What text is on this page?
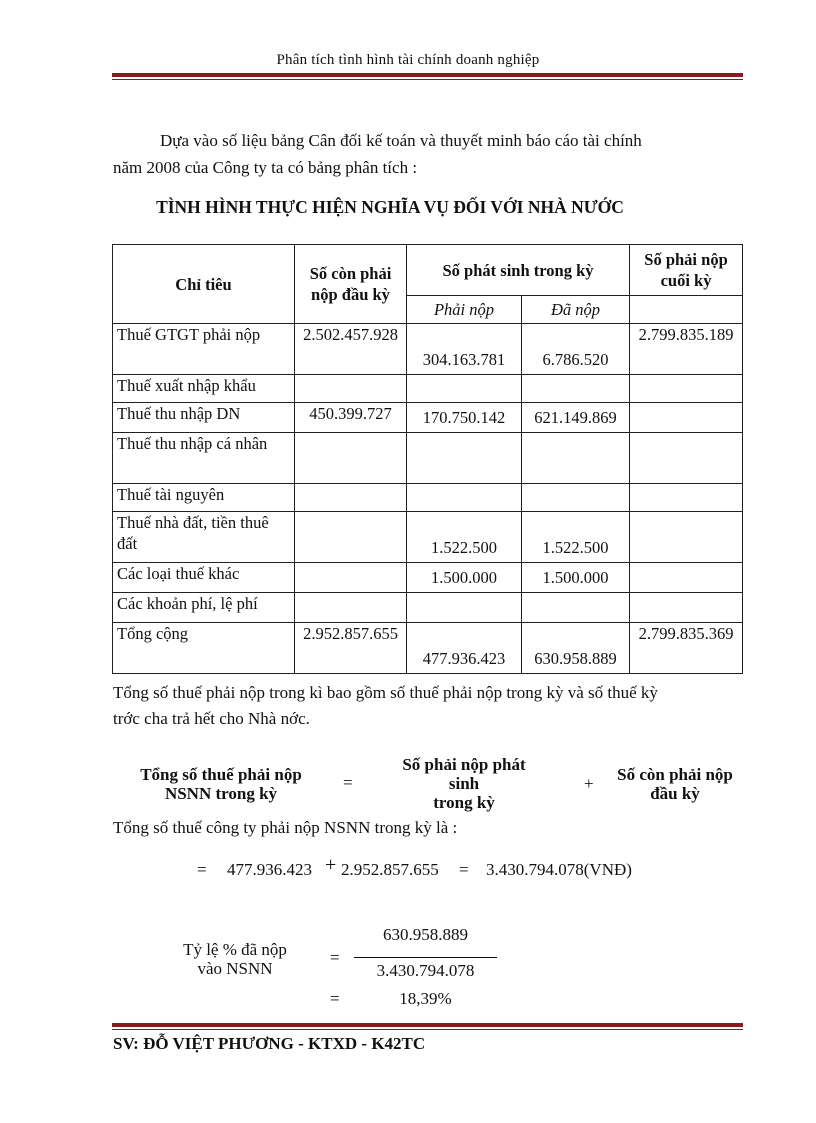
Phân tích tình hình tài chính doanh nghiệp
Dựa vào số liệu bảng Cân đối kế toán và thuyết minh báo cáo tài chính
năm 2008 của Công ty ta có bảng phân tích :
TÌNH HÌNH THỰC HIỆN NGHĨA VỤ ĐỐI VỚI NHÀ NƯỚC
Chỉ tiêu	Số còn phải nộp đầu kỳ	Số phát sinh trong kỳ		Số phải nộp cuối kỳ
		Phải nộp	Đã nộp	
Thuế GTGT phải nộp	2.502.457.928	304.163.781	6.786.520	2.799.835.189
Thuế xuất nhập khẩu				
Thuế thu nhập DN	450.399.727	170.750.142	621.149.869	
Thuế thu nhập cá nhân				
Thuế tài nguyên				
Thuế nhà đất, tiền thuê đất		1.522.500	1.522.500	
Các loại thuế khác		1.500.000	1.500.000	
Các khoản phí, lệ phí				
Tổng cộng	2.952.857.655	477.936.423	630.958.889	2.799.835.369
Tổng số thuế phải nộp trong kì bao gồm số thuế phải nộp trong kỳ và số thuế kỳ
trớc cha trả hết cho Nhà nớc.
Tổng số thuế phải nộp
NSNN trong kỳ
=
Số phải nộp phát
sinh
trong kỳ
+	Số còn phải nộp
đầu kỳ
Tổng số thuế công ty phải nộp NSNN trong kỳ là :
= 477.936.423 + 2.952.857.655 = 3.430.794.078(VNĐ)
Tỷ lệ % đã nộp
vào NSNN
=
630.958.889
3.430.794.078
=	18,39%
SV: ĐỖ VIỆT PHƯƠNG - KTXD - K42TC
